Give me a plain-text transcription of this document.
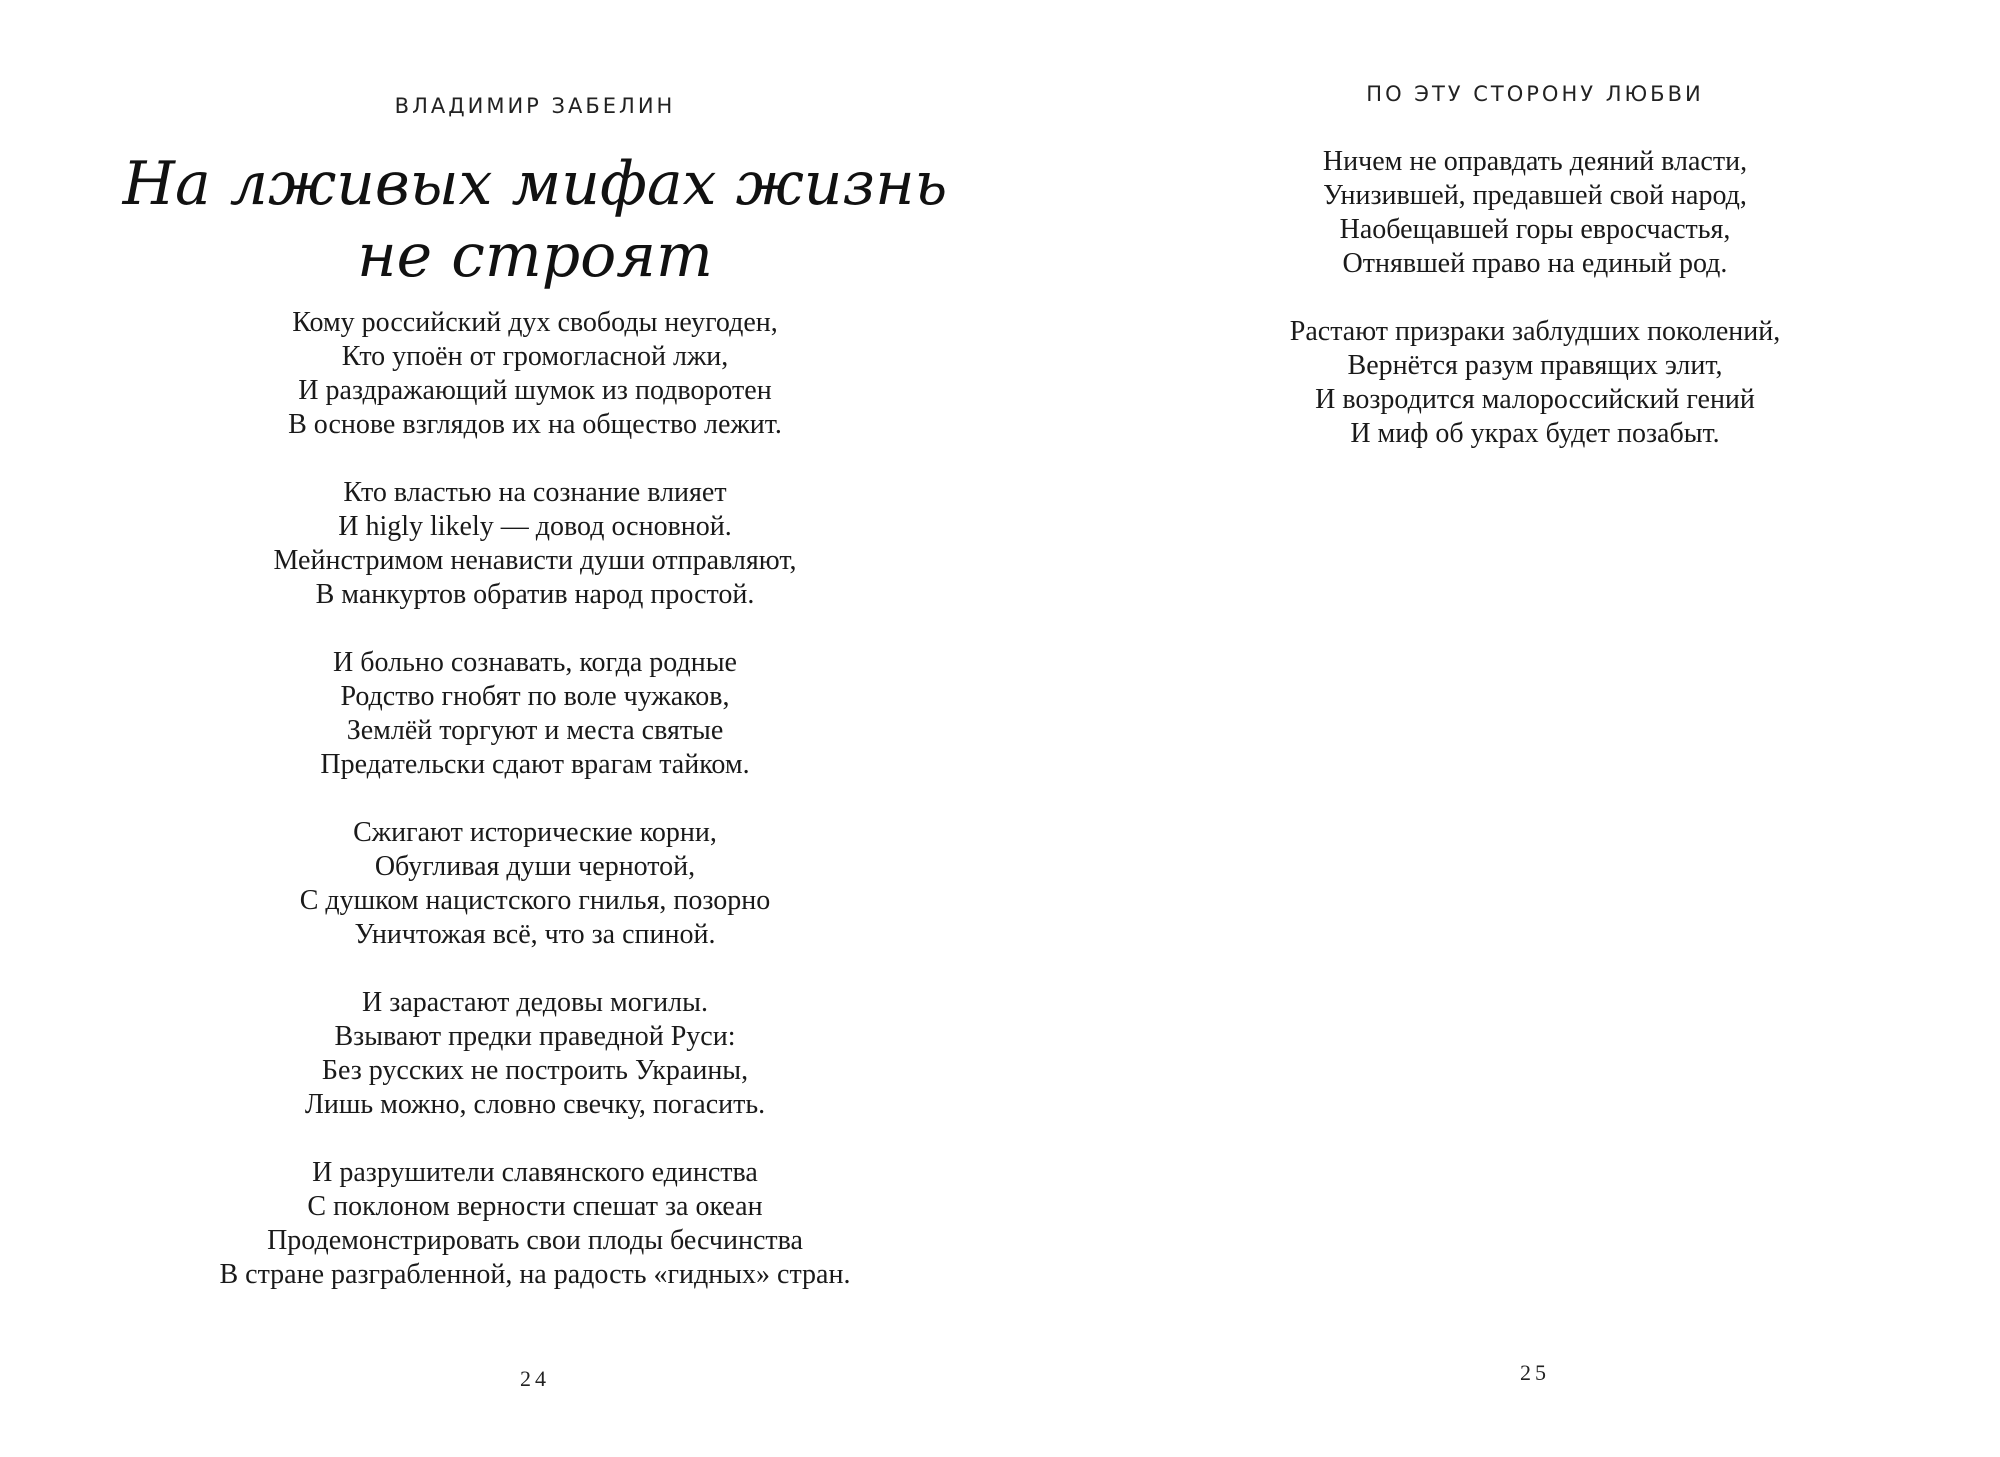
ВЛАДИМИР ЗАБЕЛИН
На лживых мифах жизнь
не строят
Кому российский дух свободы неугоден,
Кто упоён от громогласной лжи,
И раздражающий шумок из подворотен
В основе взглядов их на общество лежит.
Кто властью на сознание влияет
И higly likely — довод основной.
Мейнстримом ненависти души отправляют,
В манкуртов обратив народ простой.
И больно сознавать, когда родные
Родство гнобят по воле чужаков,
Землёй торгуют и места святые
Предательски сдают врагам тайком.
Сжигают исторические корни,
Обугливая души чернотой,
С душком нацистского гнилья, позорно
Уничтожая всё, что за спиной.
И зарастают дедовы могилы.
Взывают предки праведной Руси:
Без русских не построить Украины,
Лишь можно, словно свечку, погасить.
И разрушители славянского единства
С поклоном верности спешат за океан
Продемонстрировать свои плоды бесчинства
В стране разграбленной, на радость «гидных» стран.
24
ПО ЭТУ СТОРОНУ ЛЮБВИ
Ничем не оправдать деяний власти,
Унизившей, предавшей свой народ,
Наобещавшей горы евросчастья,
Отнявшей право на единый род.
Растают призраки заблудших поколений,
Вернётся разум правящих элит,
И возродится малороссийский гений
И миф об украх будет позабыт.
25
